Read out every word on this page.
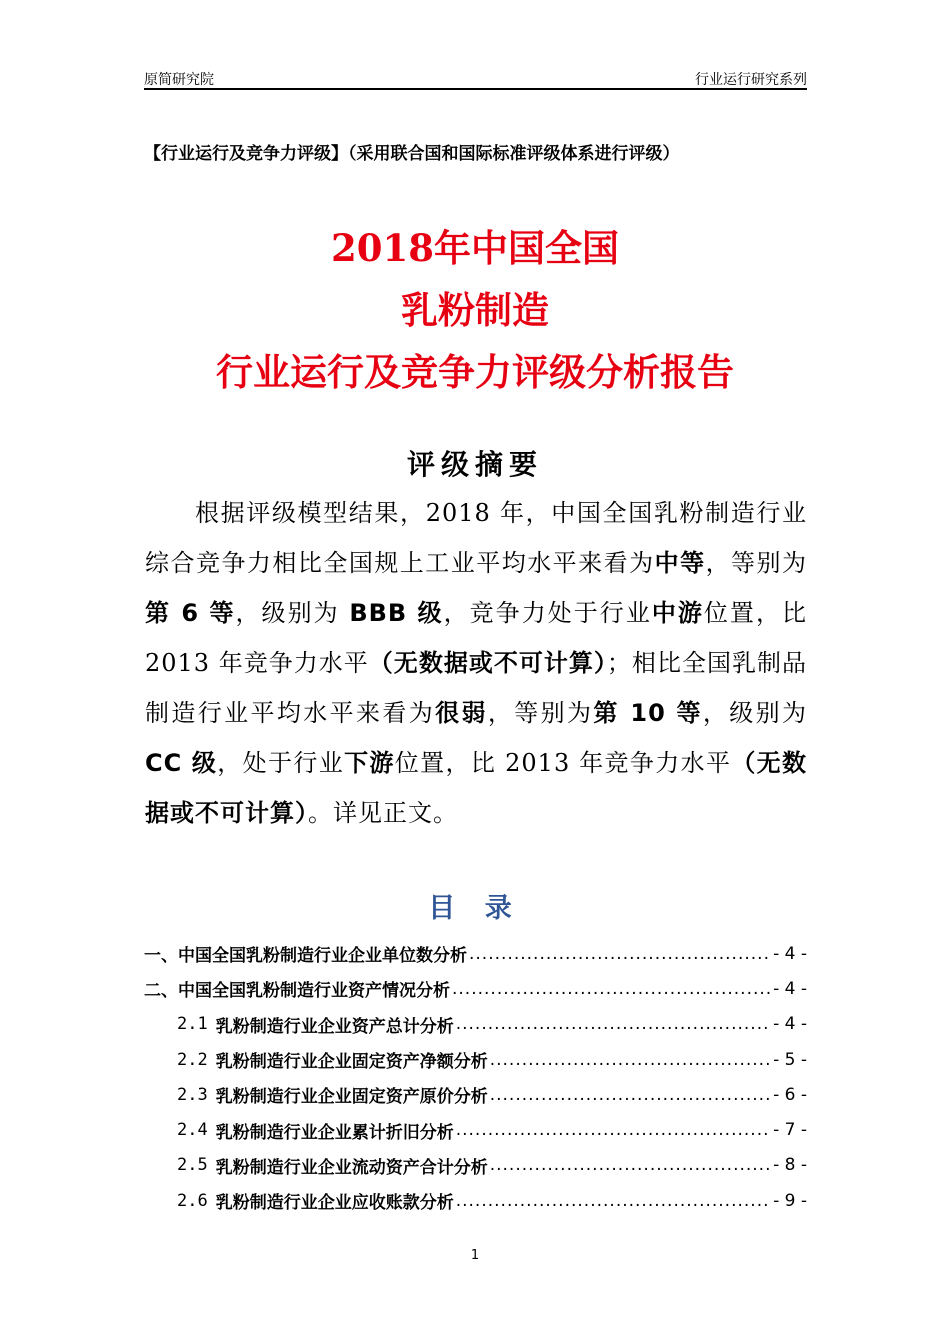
原简研究院	行业运行研究系列
【行业运行及竞争力评级】（采用联合国和国际标准评级体系进行评级）
2018年中国全国
乳粉制造
行业运行及竞争力评级分析报告
评级摘要
根据评级模型结果，2018 年，中国全国乳粉制造行业综合竞争力相比全国规上工业平均水平来看为中等，等别为第 6 等，级别为 BBB 级，竞争力处于行业中游位置，比 2013 年竞争力水平（无数据或不可计算）；相比全国乳制品制造行业平均水平来看为很弱，等别为第 10 等，级别为 CC 级，处于行业下游位置，比 2013 年竞争力水平（无数据或不可计算）。详见正文。
目 录
一、中国全国乳粉制造行业企业单位数分析 .....	- 4 -
二、中国全国乳粉制造行业资产情况分析 .....	- 4 -
2.1 乳粉制造行业企业资产总计分析 .....	- 4 -
2.2 乳粉制造行业企业固定资产净额分析 .....	- 5 -
2.3 乳粉制造行业企业固定资产原价分析 .....	- 6 -
2.4 乳粉制造行业企业累计折旧分析 .....	- 7 -
2.5 乳粉制造行业企业流动资产合计分析 .....	- 8 -
2.6 乳粉制造行业企业应收账款分析 .....	- 9 -
1
